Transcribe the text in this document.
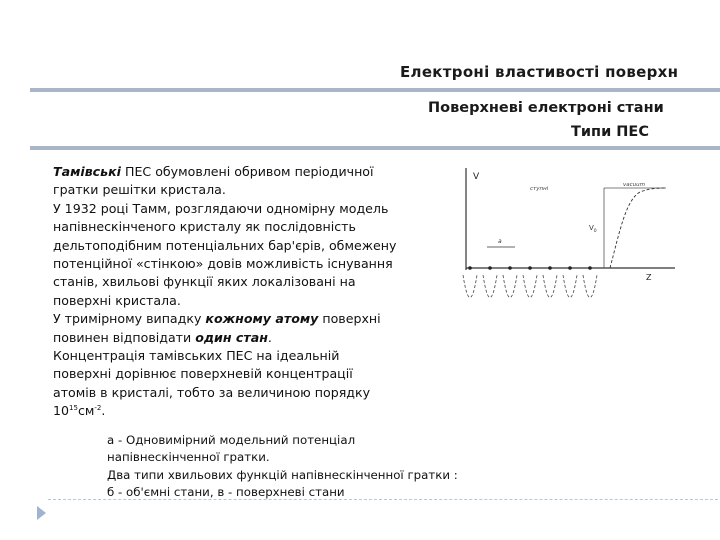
Електроні властивості поверхн
Поверхневі електроні стани
Типи ПЕС

Тамівські ПЕС обумовлені обривом періодичної гратки решітки кристала.

У 1932 році Тамм, розглядаючи одномірну модель напівнескінченого кристалу як послідовність дельтоподібним потенціальних бар'єрів, обмежену потенційної «стінкою» довів можливість існування станів, хвильові функції яких локалізовані на поверхні кристала.

У тримірному випадку кожному атому поверхні повинен відповідати один стан.

Концентрація тамівських ПЕС на ідеальній поверхні дорівнює поверхневій концентрації атомів в кристалі, тобто за величиною порядку $10^{15}см^{-2}$.

а - Одновимірний модельний потенціал напівнескінченної гратки.

Два типи хвильових функцій напівнескінченної гратки : б - об'ємні стани, в - поверхневі стани

V
Z
ступні
vacuum
$V_0$
a
